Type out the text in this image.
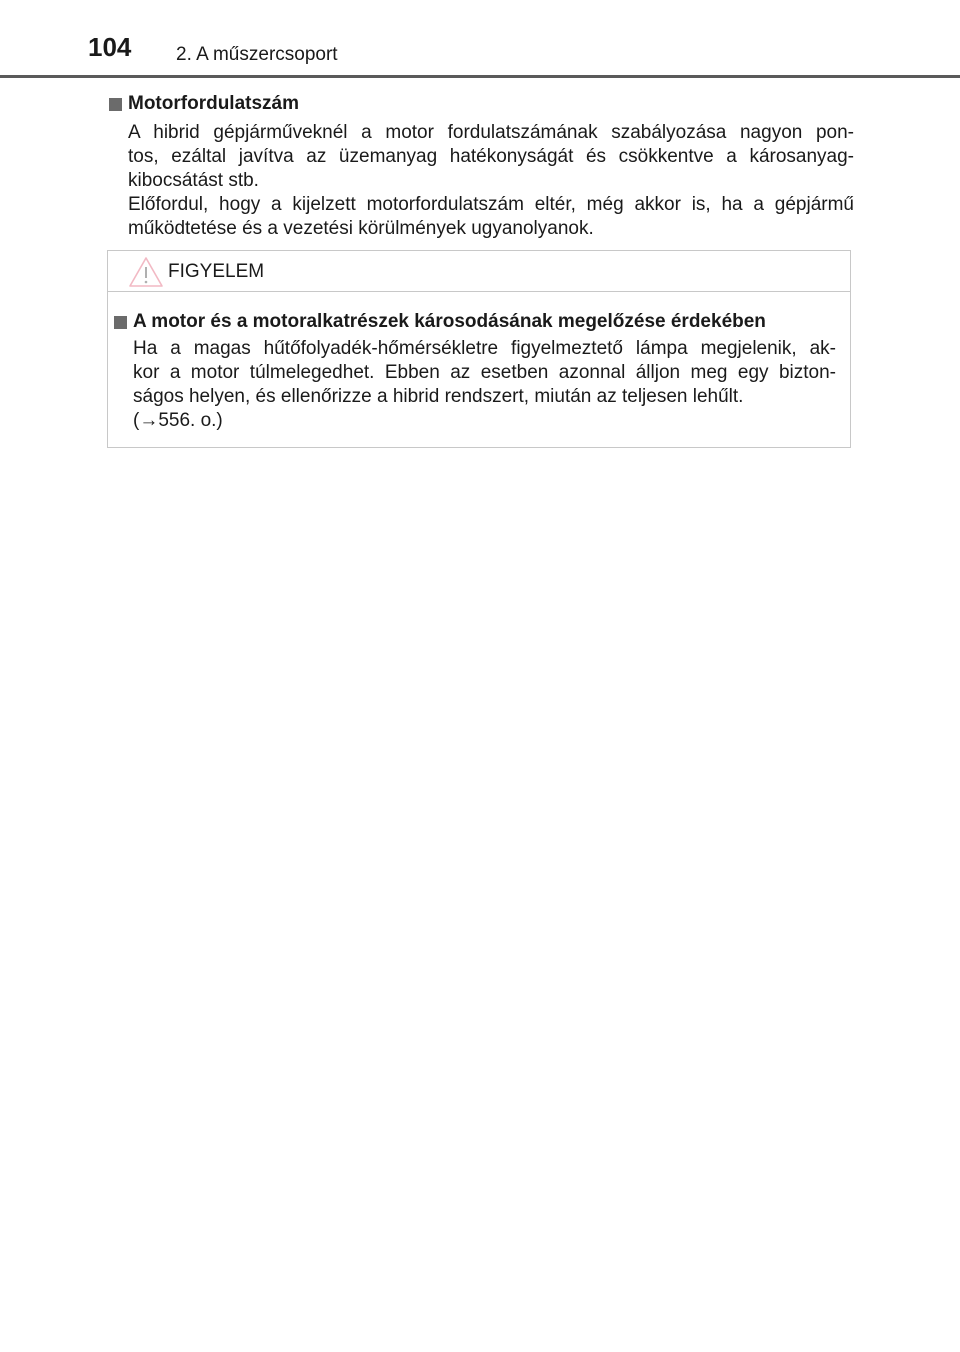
104 2. A műszercsoport
Motorfordulatszám
A hibrid gépjárműveknél a motor fordulatszámának szabályozása nagyon pon-
tos, ezáltal javítva az üzemanyag hatékonyságát és csökkentve a károsanyag-
kibocsátást stb.
Előfordul, hogy a kijelzett motorfordulatszám eltér, még akkor is, ha a gépjármű
működtetése és a vezetési körülmények ugyanolyanok.
FIGYELEM
A motor és a motoralkatrészek károsodásának megelőzése érdekében
Ha a magas hűtőfolyadék-hőmérsékletre figyelmeztető lámpa megjelenik, ak-
kor a motor túlmelegedhet. Ebben az esetben azonnal álljon meg egy bizton-
ságos helyen, és ellenőrizze a hibrid rendszert, miután az teljesen lehűlt.
(→556. o.)
